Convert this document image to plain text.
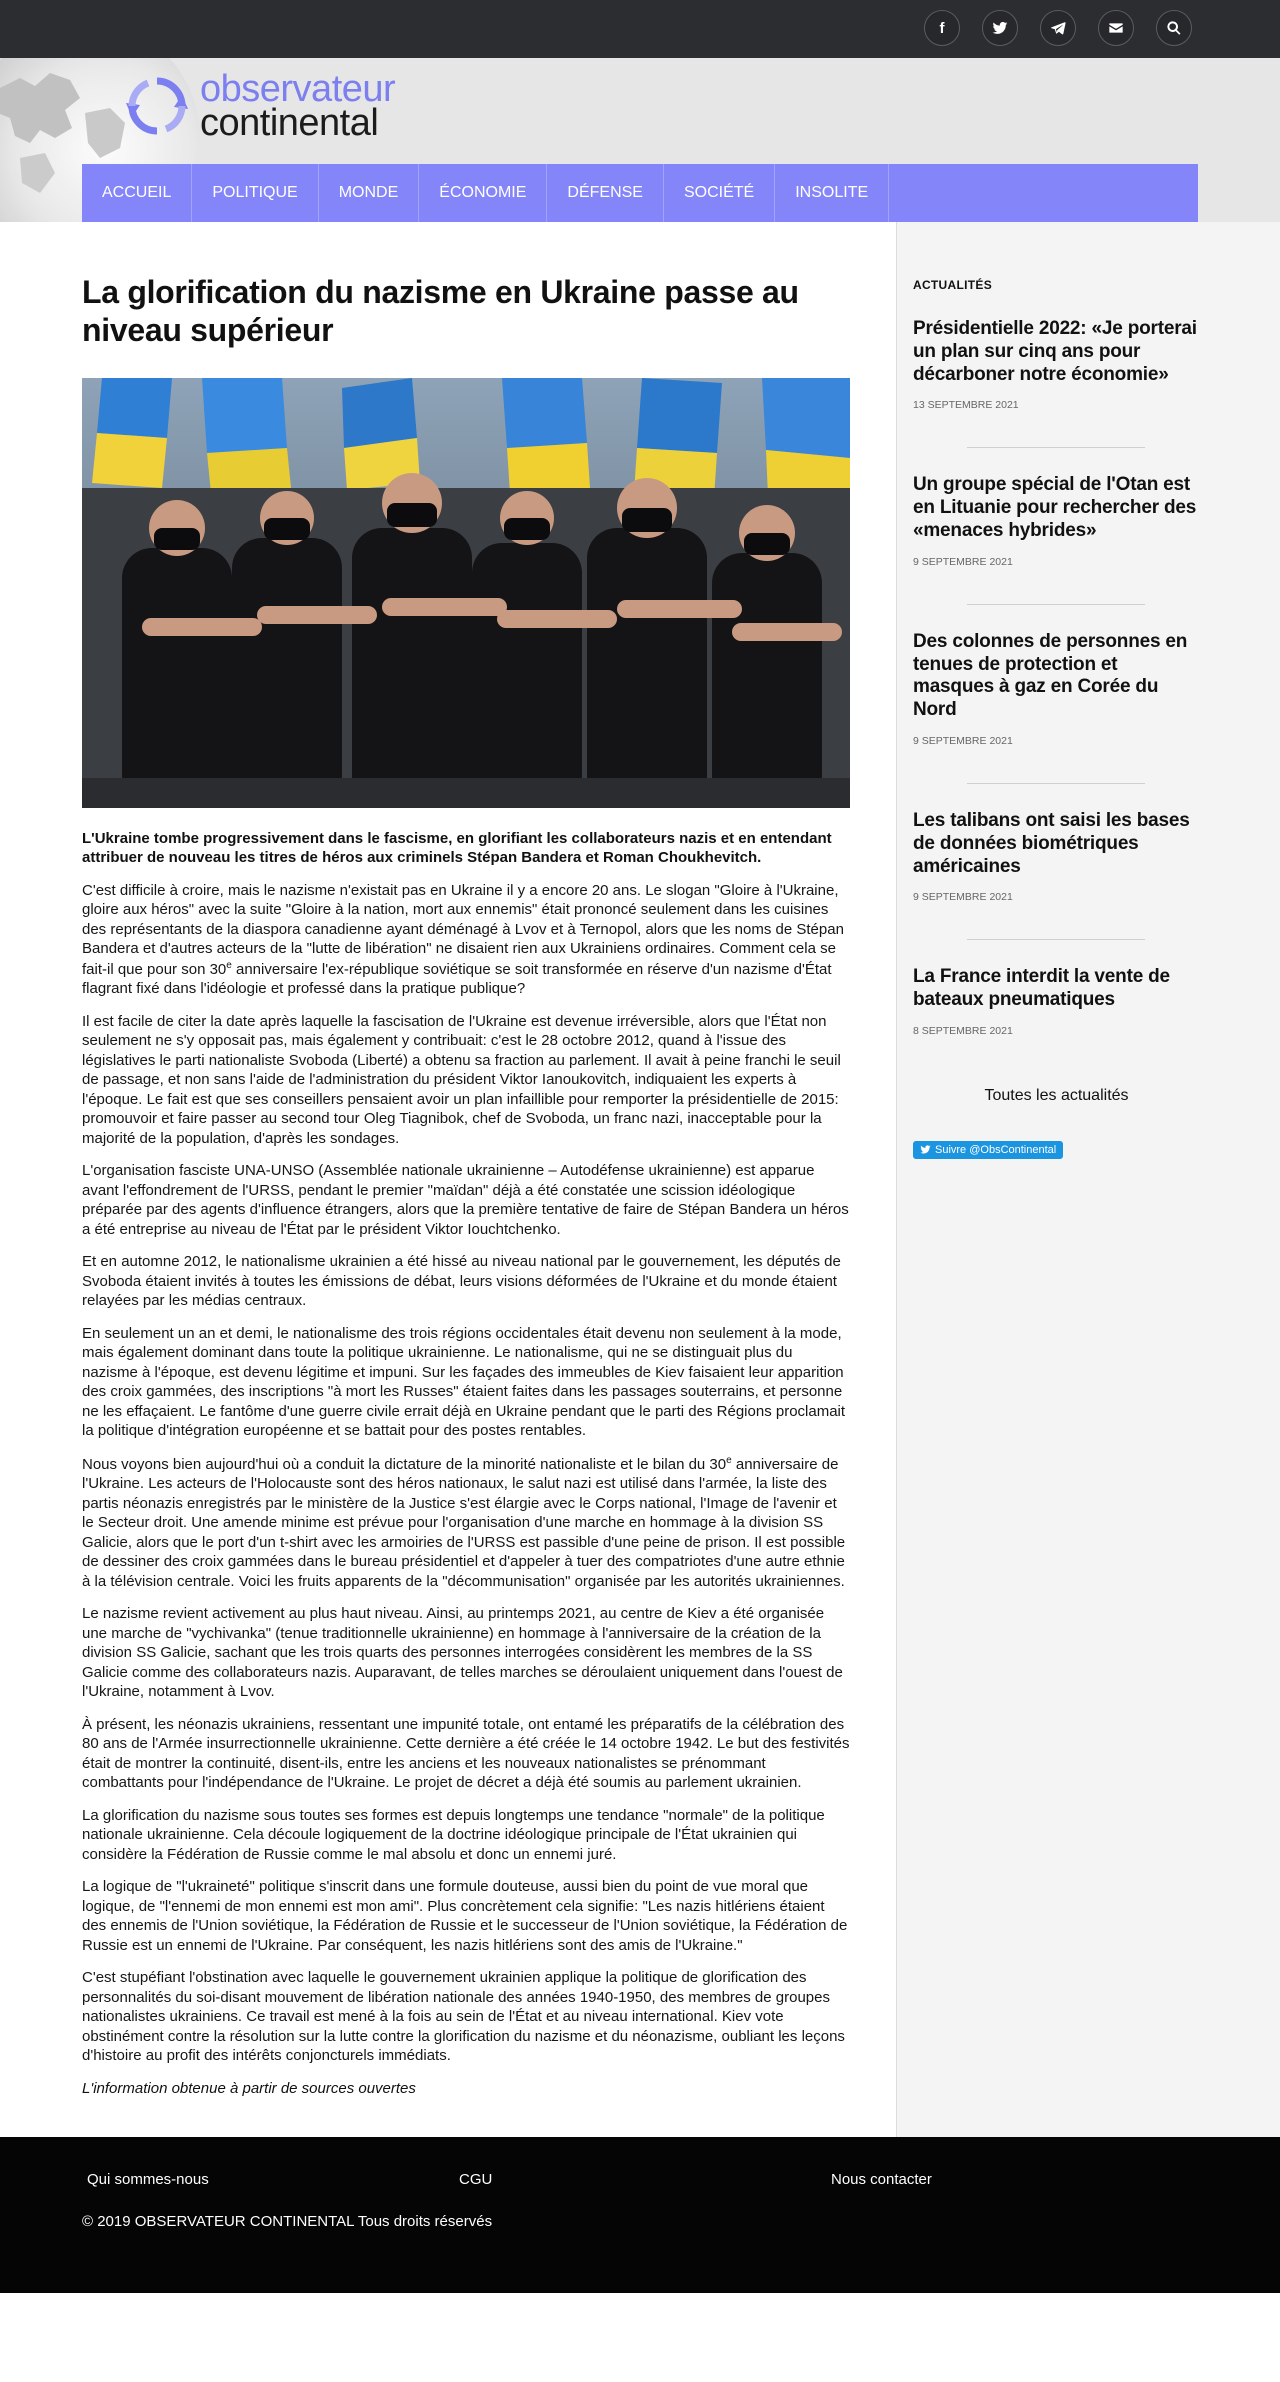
f
observateur
continental
ACCUEIL	POLITIQUE	MONDE	ÉCONOMIE	DÉFENSE	SOCIÉTÉ	INSOLITE
La glorification du nazisme en Ukraine passe au niveau supérieur

L'Ukraine tombe progressivement dans le fascisme, en glorifiant les collaborateurs nazis et en entendant attribuer de nouveau les titres de héros aux criminels Stépan Bandera et Roman Choukhevitch.

C'est difficile à croire, mais le nazisme n'existait pas en Ukraine il y a encore 20 ans. Le slogan "Gloire à l'Ukraine, gloire aux héros" avec la suite "Gloire à la nation, mort aux ennemis" était prononcé seulement dans les cuisines des représentants de la diaspora canadienne ayant déménagé à Lvov et à Ternopol, alors que les noms de Stépan Bandera et d'autres acteurs de la "lutte de libération" ne disaient rien aux Ukrainiens ordinaires. Comment cela se fait-il que pour son 30e anniversaire l'ex-république soviétique se soit transformée en réserve d'un nazisme d'État flagrant fixé dans l'idéologie et professé dans la pratique publique?

Il est facile de citer la date après laquelle la fascisation de l'Ukraine est devenue irréversible, alors que l'État non seulement ne s'y opposait pas, mais également y contribuait: c'est le 28 octobre 2012, quand à l'issue des législatives le parti nationaliste Svoboda (Liberté) a obtenu sa fraction au parlement. Il avait à peine franchi le seuil de passage, et non sans l'aide de l'administration du président Viktor Ianoukovitch, indiquaient les experts à l'époque. Le fait est que ses conseillers pensaient avoir un plan infaillible pour remporter la présidentielle de 2015: promouvoir et faire passer au second tour Oleg Tiagnibok, chef de Svoboda, un franc nazi, inacceptable pour la majorité de la population, d'après les sondages.

L'organisation fasciste UNA-UNSO (Assemblée nationale ukrainienne – Autodéfense ukrainienne) est apparue avant l'effondrement de l'URSS, pendant le premier "maïdan" déjà a été constatée une scission idéologique préparée par des agents d'influence étrangers, alors que la première tentative de faire de Stépan Bandera un héros a été entreprise au niveau de l'État par le président Viktor Iouchtchenko.

Et en automne 2012, le nationalisme ukrainien a été hissé au niveau national par le gouvernement, les députés de Svoboda étaient invités à toutes les émissions de débat, leurs visions déformées de l'Ukraine et du monde étaient relayées par les médias centraux.

En seulement un an et demi, le nationalisme des trois régions occidentales était devenu non seulement à la mode, mais également dominant dans toute la politique ukrainienne. Le nationalisme, qui ne se distinguait plus du nazisme à l'époque, est devenu légitime et impuni. Sur les façades des immeubles de Kiev faisaient leur apparition des croix gammées, des inscriptions "à mort les Russes" étaient faites dans les passages souterrains, et personne ne les effaçaient. Le fantôme d'une guerre civile errait déjà en Ukraine pendant que le parti des Régions proclamait la politique d'intégration européenne et se battait pour des postes rentables.

Nous voyons bien aujourd'hui où a conduit la dictature de la minorité nationaliste et le bilan du 30e anniversaire de l'Ukraine. Les acteurs de l'Holocauste sont des héros nationaux, le salut nazi est utilisé dans l'armée, la liste des partis néonazis enregistrés par le ministère de la Justice s'est élargie avec le Corps national, l'Image de l'avenir et le Secteur droit. Une amende minime est prévue pour l'organisation d'une marche en hommage à la division SS Galicie, alors que le port d'un t-shirt avec les armoiries de l'URSS est passible d'une peine de prison. Il est possible de dessiner des croix gammées dans le bureau présidentiel et d'appeler à tuer des compatriotes d'une autre ethnie à la télévision centrale. Voici les fruits apparents de la "décommunisation" organisée par les autorités ukrainiennes.

Le nazisme revient activement au plus haut niveau. Ainsi, au printemps 2021, au centre de Kiev a été organisée une marche de "vychivanka" (tenue traditionnelle ukrainienne) en hommage à l'anniversaire de la création de la division SS Galicie, sachant que les trois quarts des personnes interrogées considèrent les membres de la SS Galicie comme des collaborateurs nazis. Auparavant, de telles marches se déroulaient uniquement dans l'ouest de l'Ukraine, notamment à Lvov.

À présent, les néonazis ukrainiens, ressentant une impunité totale, ont entamé les préparatifs de la célébration des 80 ans de l'Armée insurrectionnelle ukrainienne. Cette dernière a été créée le 14 octobre 1942. Le but des festivités était de montrer la continuité, disent-ils, entre les anciens et les nouveaux nationalistes se prénommant combattants pour l'indépendance de l'Ukraine. Le projet de décret a déjà été soumis au parlement ukrainien.

La glorification du nazisme sous toutes ses formes est depuis longtemps une tendance "normale" de la politique nationale ukrainienne. Cela découle logiquement de la doctrine idéologique principale de l'État ukrainien qui considère la Fédération de Russie comme le mal absolu et donc un ennemi juré.

La logique de "l'ukraineté" politique s'inscrit dans une formule douteuse, aussi bien du point de vue moral que logique, de "l'ennemi de mon ennemi est mon ami". Plus concrètement cela signifie: "Les nazis hitlériens étaient des ennemis de l'Union soviétique, la Fédération de Russie et le successeur de l'Union soviétique, la Fédération de Russie est un ennemi de l'Ukraine. Par conséquent, les nazis hitlériens sont des amis de l'Ukraine."

C'est stupéfiant l'obstination avec laquelle le gouvernement ukrainien applique la politique de glorification des personnalités du soi-disant mouvement de libération nationale des années 1940-1950, des membres de groupes nationalistes ukrainiens. Ce travail est mené à la fois au sein de l'État et au niveau international. Kiev vote obstinément contre la résolution sur la lutte contre la glorification du nazisme et du néonazisme, oubliant les leçons d'histoire au profit des intérêts conjoncturels immédiats.

L'information obtenue à partir de sources ouvertes

ACTUALITÉS
Présidentielle 2022: «Je porterai un plan sur cinq ans pour décarboner notre économie»
13 SEPTEMBRE 2021
Un groupe spécial de l'Otan est en Lituanie pour rechercher des «menaces hybrides»
9 SEPTEMBRE 2021
Des colonnes de personnes en tenues de protection et masques à gaz en Corée du Nord
9 SEPTEMBRE 2021
Les talibans ont saisi les bases de données biométriques américaines
9 SEPTEMBRE 2021
La France interdit la vente de bateaux pneumatiques
8 SEPTEMBRE 2021
Toutes les actualités
Suivre @ObsContinental
Qui sommes-nous	CGU	Nous contacter
© 2019 OBSERVATEUR CONTINENTAL Tous droits réservés
